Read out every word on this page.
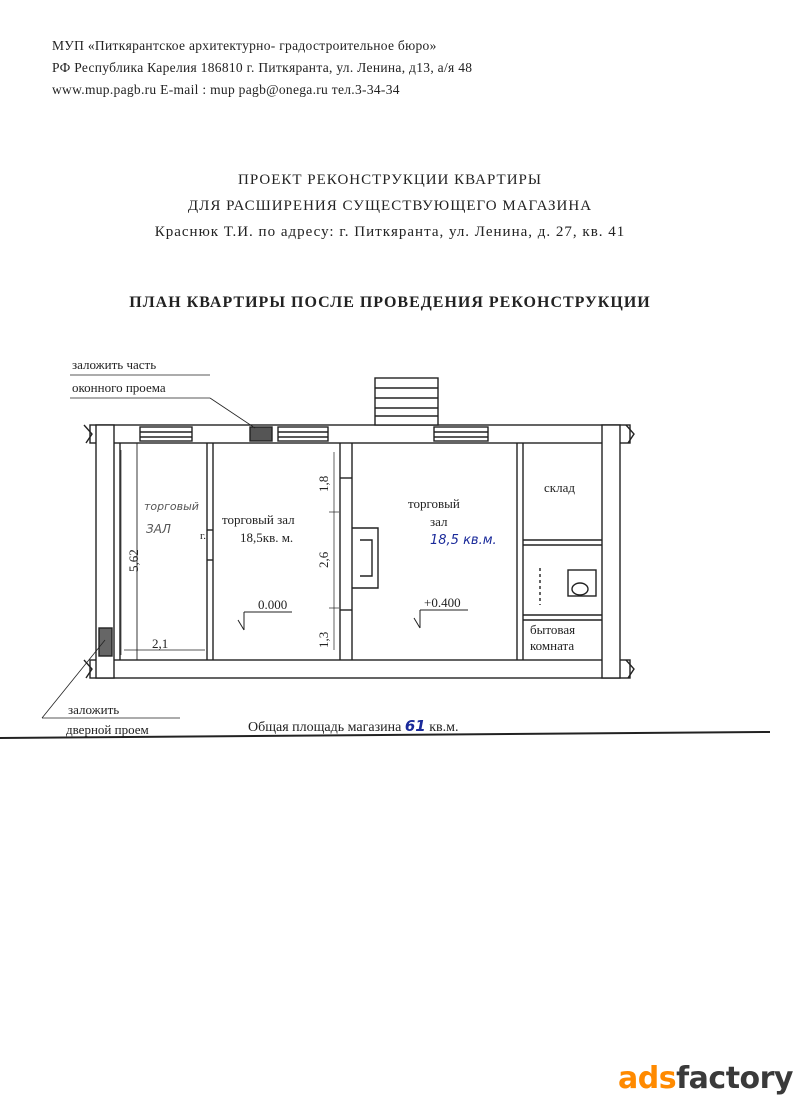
МУП «Питкярантское архитектурно- градостроительное бюро»
РФ Республика Карелия 186810 г. Питкяранта, ул. Ленина, д13, а/я 48
www.mup.pagb.ru E-mail : mup pagb@onega.ru тел.3-34-34
ПРОЕКТ РЕКОНСТРУКЦИИ КВАРТИРЫ
ДЛЯ РАСШИРЕНИЯ СУЩЕСТВУЮЩЕГО МАГАЗИНА
Краснюк Т.И. по адресу: г. Питкяранта, ул. Ленина, д. 27, кв. 41
ПЛАН КВАРТИРЫ ПОСЛЕ ПРОВЕДЕНИЯ РЕКОНСТРУКЦИИ
заложить часть
оконного проема
заложить
дверной проем
торговый
ЗАЛ
5,62
2,1
торговый зал
18,5кв. м.
г.
0.000
1,8
2,6
1,3
торговый
зал
18,5 кв.м.
+0.400
склад
бытовая
комната
Общая площадь магазина 61 кв.м.
adsfactory
